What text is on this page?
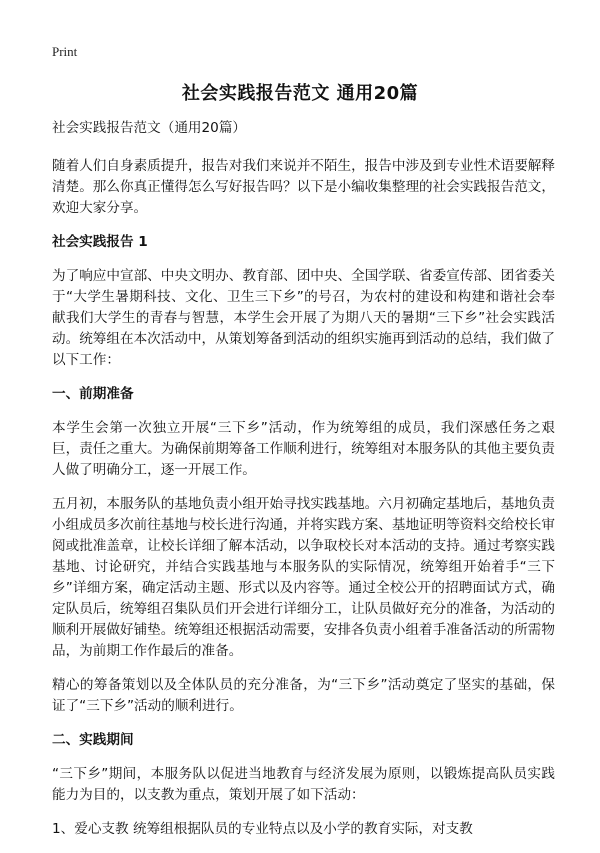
Print
社会实践报告范文 通用20篇

社会实践报告范文（通用20篇）

随着人们自身素质提升，报告对我们来说并不陌生，报告中涉及到专业性术语要解释清楚。那么你真正懂得怎么写好报告吗？以下是小编收集整理的社会实践报告范文，欢迎大家分享。

社会实践报告 1

为了响应中宣部、中央文明办、教育部、团中央、全国学联、省委宣传部、团省委关于“大学生暑期科技、文化、卫生三下乡”的号召，为农村的建设和构建和谐社会奉献我们大学生的青春与智慧，本学生会开展了为期八天的暑期“三下乡”社会实践活动。统筹组在本次活动中，从策划筹备到活动的组织实施再到活动的总结，我们做了以下工作：

一、前期准备

本学生会第一次独立开展“三下乡”活动，作为统筹组的成员，我们深感任务之艰巨，责任之重大。为确保前期筹备工作顺利进行，统筹组对本服务队的其他主要负责人做了明确分工，逐一开展工作。

五月初，本服务队的基地负责小组开始寻找实践基地。六月初确定基地后，基地负责小组成员多次前往基地与校长进行沟通，并将实践方案、基地证明等资料交给校长审阅或批准盖章，让校长详细了解本活动，以争取校长对本活动的支持。通过考察实践基地、讨论研究，并结合实践基地与本服务队的实际情况，统筹组开始着手“三下乡”详细方案，确定活动主题、形式以及内容等。通过全校公开的招聘面试方式，确定队员后，统筹组召集队员们开会进行详细分工，让队员做好充分的准备，为活动的顺利开展做好铺垫。统筹组还根据活动需要，安排各负责小组着手准备活动的所需物品，为前期工作作最后的准备。

精心的筹备策划以及全体队员的充分准备，为“三下乡”活动奠定了坚实的基础，保证了“三下乡”活动的顺利进行。

二、实践期间

“三下乡”期间，本服务队以促进当地教育与经济发展为原则，以锻炼提高队员实践能力为目的，以支教为重点，策划开展了如下活动：

1、爱心支教 统筹组根据队员的专业特点以及小学的教育实际，对支教
